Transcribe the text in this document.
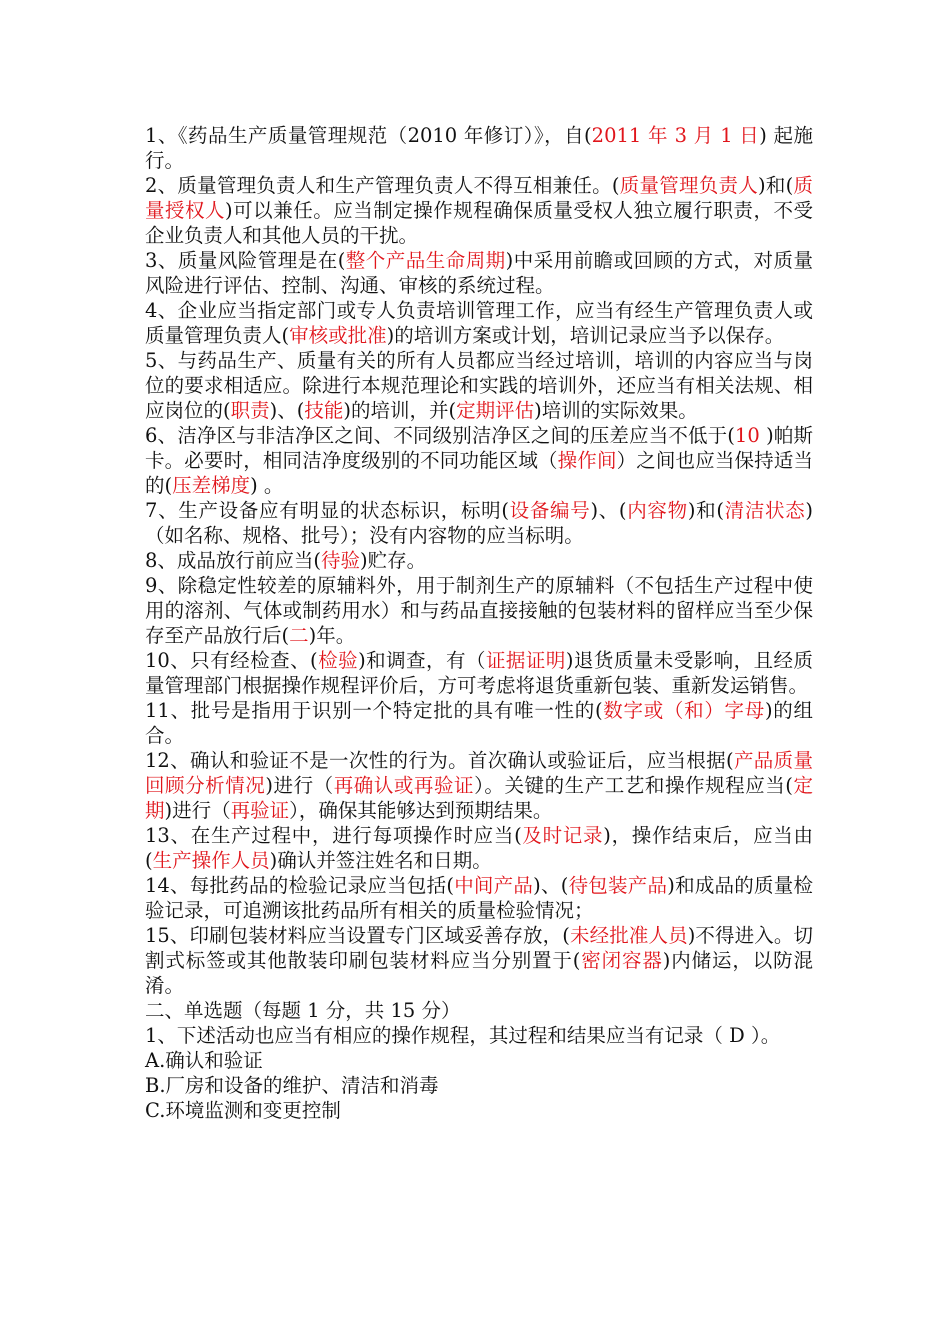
1、《药品生产质量管理规范（2010 年修订）》，自(2011 年 3 月 1 日) 起施行。

2、质量管理负责人和生产管理负责人不得互相兼任。(质量管理负责人)和(质量授权人)可以兼任。应当制定操作规程确保质量受权人独立履行职责，不受企业负责人和其他人员的干扰。

3、质量风险管理是在(整个产品生命周期)中采用前瞻或回顾的方式，对质量风险进行评估、控制、沟通、审核的系统过程。

4、企业应当指定部门或专人负责培训管理工作，应当有经生产管理负责人或质量管理负责人(审核或批准)的培训方案或计划，培训记录应当予以保存。

5、与药品生产、质量有关的所有人员都应当经过培训，培训的内容应当与岗位的要求相适应。除进行本规范理论和实践的培训外，还应当有相关法规、相应岗位的(职责)、(技能)的培训，并(定期评估)培训的实际效果。

6、洁净区与非洁净区之间、不同级别洁净区之间的压差应当不低于(10 )帕斯卡。必要时，相同洁净度级别的不同功能区域（操作间）之间也应当保持适当的(压差梯度) 。

7、生产设备应有明显的状态标识，标明(设备编号)、(内容物)和(清洁状态)（如名称、规格、批号）；没有内容物的应当标明。

8、成品放行前应当(待验)贮存。

9、除稳定性较差的原辅料外，用于制剂生产的原辅料（不包括生产过程中使用的溶剂、气体或制药用水）和与药品直接接触的包装材料的留样应当至少保存至产品放行后(二)年。

10、只有经检查、(检验)和调查，有（证据证明)退货质量未受影响，且经质量管理部门根据操作规程评价后，方可考虑将退货重新包装、重新发运销售。

11、批号是指用于识别一个特定批的具有唯一性的(数字或（和）字母)的组合。

12、确认和验证不是一次性的行为。首次确认或验证后，应当根据(产品质量回顾分析情况)进行（再确认或再验证）。关键的生产工艺和操作规程应当(定期)进行（再验证），确保其能够达到预期结果。

13、在生产过程中，进行每项操作时应当(及时记录)，操作结束后，应当由(生产操作人员)确认并签注姓名和日期。

14、每批药品的检验记录应当包括(中间产品)、(待包装产品)和成品的质量检验记录，可追溯该批药品所有相关的质量检验情况；

15、印刷包装材料应当设置专门区域妥善存放，(未经批准人员)不得进入。切割式标签或其他散装印刷包装材料应当分别置于(密闭容器)内储运，以防混淆。

二、单选题（每题 1 分，共 15 分）

1、下述活动也应当有相应的操作规程，其过程和结果应当有记录（ D ）。

A.确认和验证

B.厂房和设备的维护、清洁和消毒

C.环境监测和变更控制
